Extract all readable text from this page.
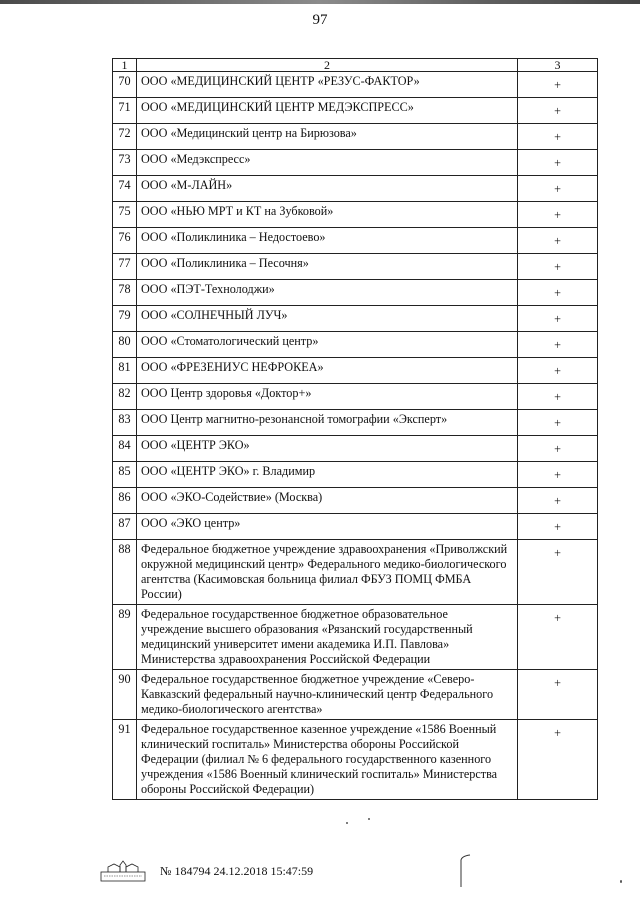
97
1	2	3
70	ООО «МЕДИЦИНСКИЙ ЦЕНТР «РЕЗУС-ФАКТОР»	+
71	ООО «МЕДИЦИНСКИЙ ЦЕНТР МЕДЭКСПРЕСС»	+
72	ООО «Медицинский центр на Бирюзова»	+
73	ООО «Медэкспресс»	+
74	ООО «М-ЛАЙН»	+
75	ООО «НЬЮ МРТ и КТ на Зубковой»	+
76	ООО «Поликлиника – Недостоево»	+
77	ООО «Поликлиника – Песочня»	+
78	ООО «ПЭТ-Технолоджи»	+
79	ООО «СОЛНЕЧНЫЙ ЛУЧ»	+
80	ООО «Стоматологический центр»	+
81	ООО «ФРЕЗЕНИУС НЕФРОКЕА»	+
82	ООО Центр здоровья «Доктор+»	+
83	ООО Центр магнитно-резонансной томографии «Эксперт»	+
84	ООО «ЦЕНТР ЭКО»	+
85	ООО «ЦЕНТР ЭКО» г. Владимир	+
86	ООО «ЭКО-Содействие» (Москва)	+
87	ООО «ЭКО центр»	+
88	Федеральное бюджетное учреждение здравоохранения «Приволжский окружной медицинский центр» Федерального медико-биологического агентства (Касимовская больница филиал ФБУЗ ПОМЦ ФМБА России)	+
89	Федеральное государственное бюджетное образовательное учреждение высшего образования «Рязанский государственный медицинский университет имени академика И.П. Павлова» Министерства здравоохранения Российской Федерации	+
90	Федеральное государственное бюджетное учреждение «Северо-Кавказский федеральный научно-клинический центр Федерального медико-биологического агентства»	+
91	Федеральное государственное казенное учреждение «1586 Военный клинический госпиталь» Министерства обороны Российской Федерации (филиал № 6 федерального государственного казенного учреждения «1586 Военный клинический госпиталь» Министерства обороны Российской Федерации)	+
№ 184794 24.12.2018 15:47:59
